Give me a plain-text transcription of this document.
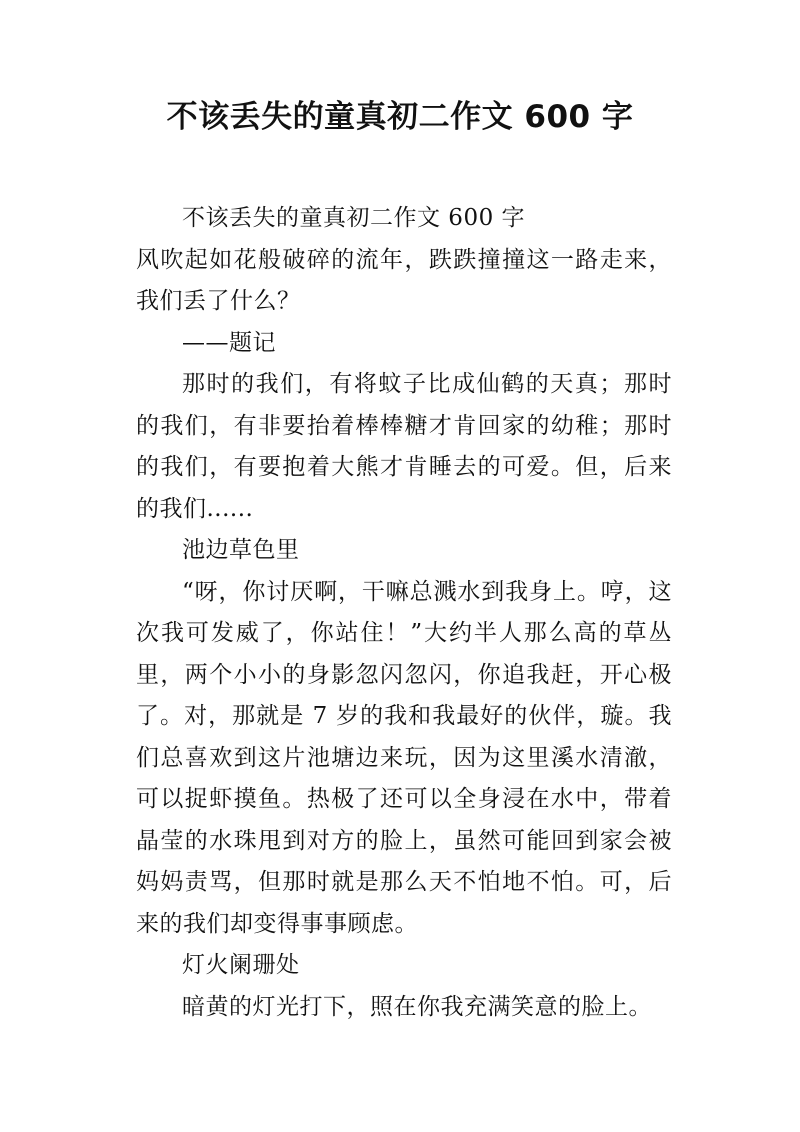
不该丢失的童真初二作文 600 字

不该丢失的童真初二作文 600 字

风吹起如花般破碎的流年，跌跌撞撞这一路走来，我们丢了什么？

——题记

那时的我们，有将蚊子比成仙鹤的天真；那时的我们，有非要抬着棒棒糖才肯回家的幼稚；那时的我们，有要抱着大熊才肯睡去的可爱。但，后来的我们......

池边草色里

“呀，你讨厌啊，干嘛总溅水到我身上。哼，这次我可发威了，你站住！”大约半人那么高的草丛里，两个小小的身影忽闪忽闪，你追我赶，开心极了。对，那就是 7 岁的我和我最好的伙伴，璇。我们总喜欢到这片池塘边来玩，因为这里溪水清澈，可以捉虾摸鱼。热极了还可以全身浸在水中，带着晶莹的水珠甩到对方的脸上，虽然可能回到家会被妈妈责骂，但那时就是那么天不怕地不怕。可，后来的我们却变得事事顾虑。

灯火阑珊处

暗黄的灯光打下，照在你我充满笑意的脸上。
